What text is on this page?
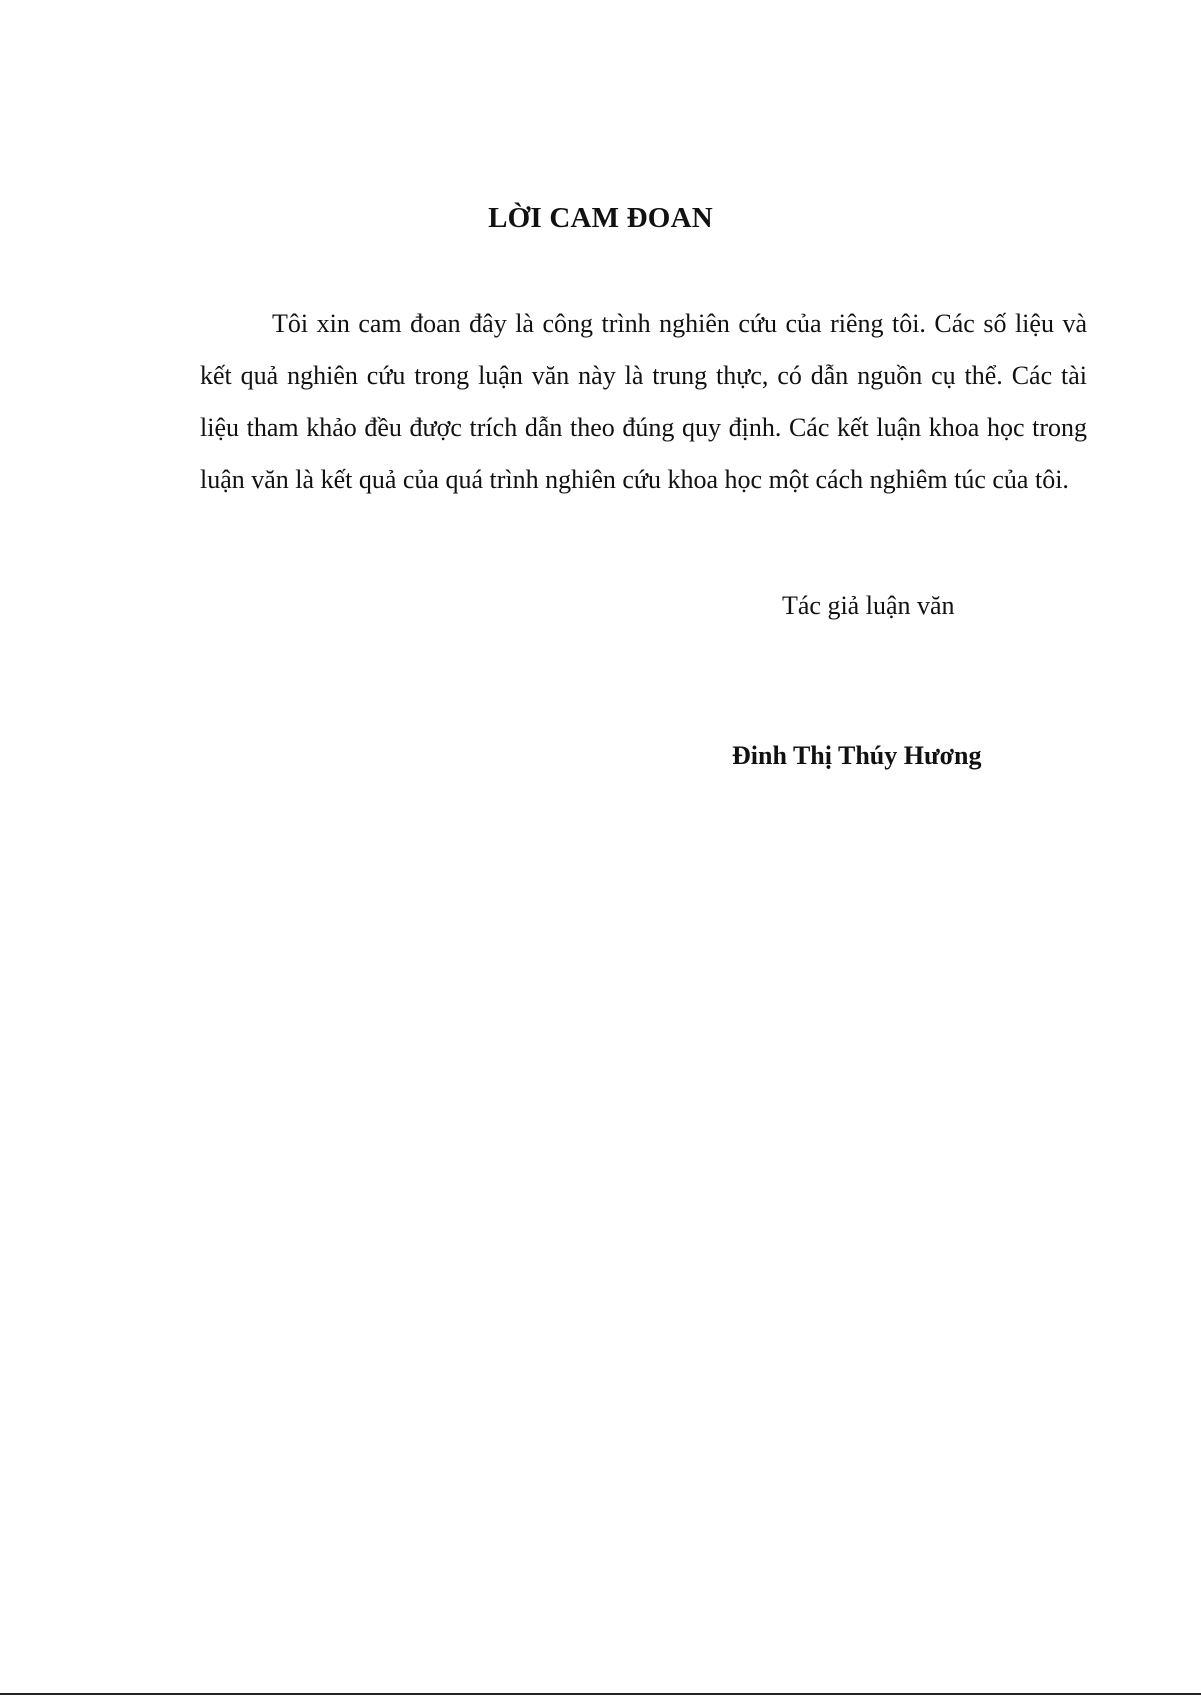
LỜI CAM ĐOAN

Tôi xin cam đoan đây là công trình nghiên cứu của riêng tôi. Các số liệu và kết quả nghiên cứu trong luận văn này là trung thực, có dẫn nguồn cụ thể. Các tài liệu tham khảo đều được trích dẫn theo đúng quy định. Các kết luận khoa học trong luận văn là kết quả của quá trình nghiên cứu khoa học một cách nghiêm túc của tôi.

Tác giả luận văn

Đinh Thị Thúy Hương
